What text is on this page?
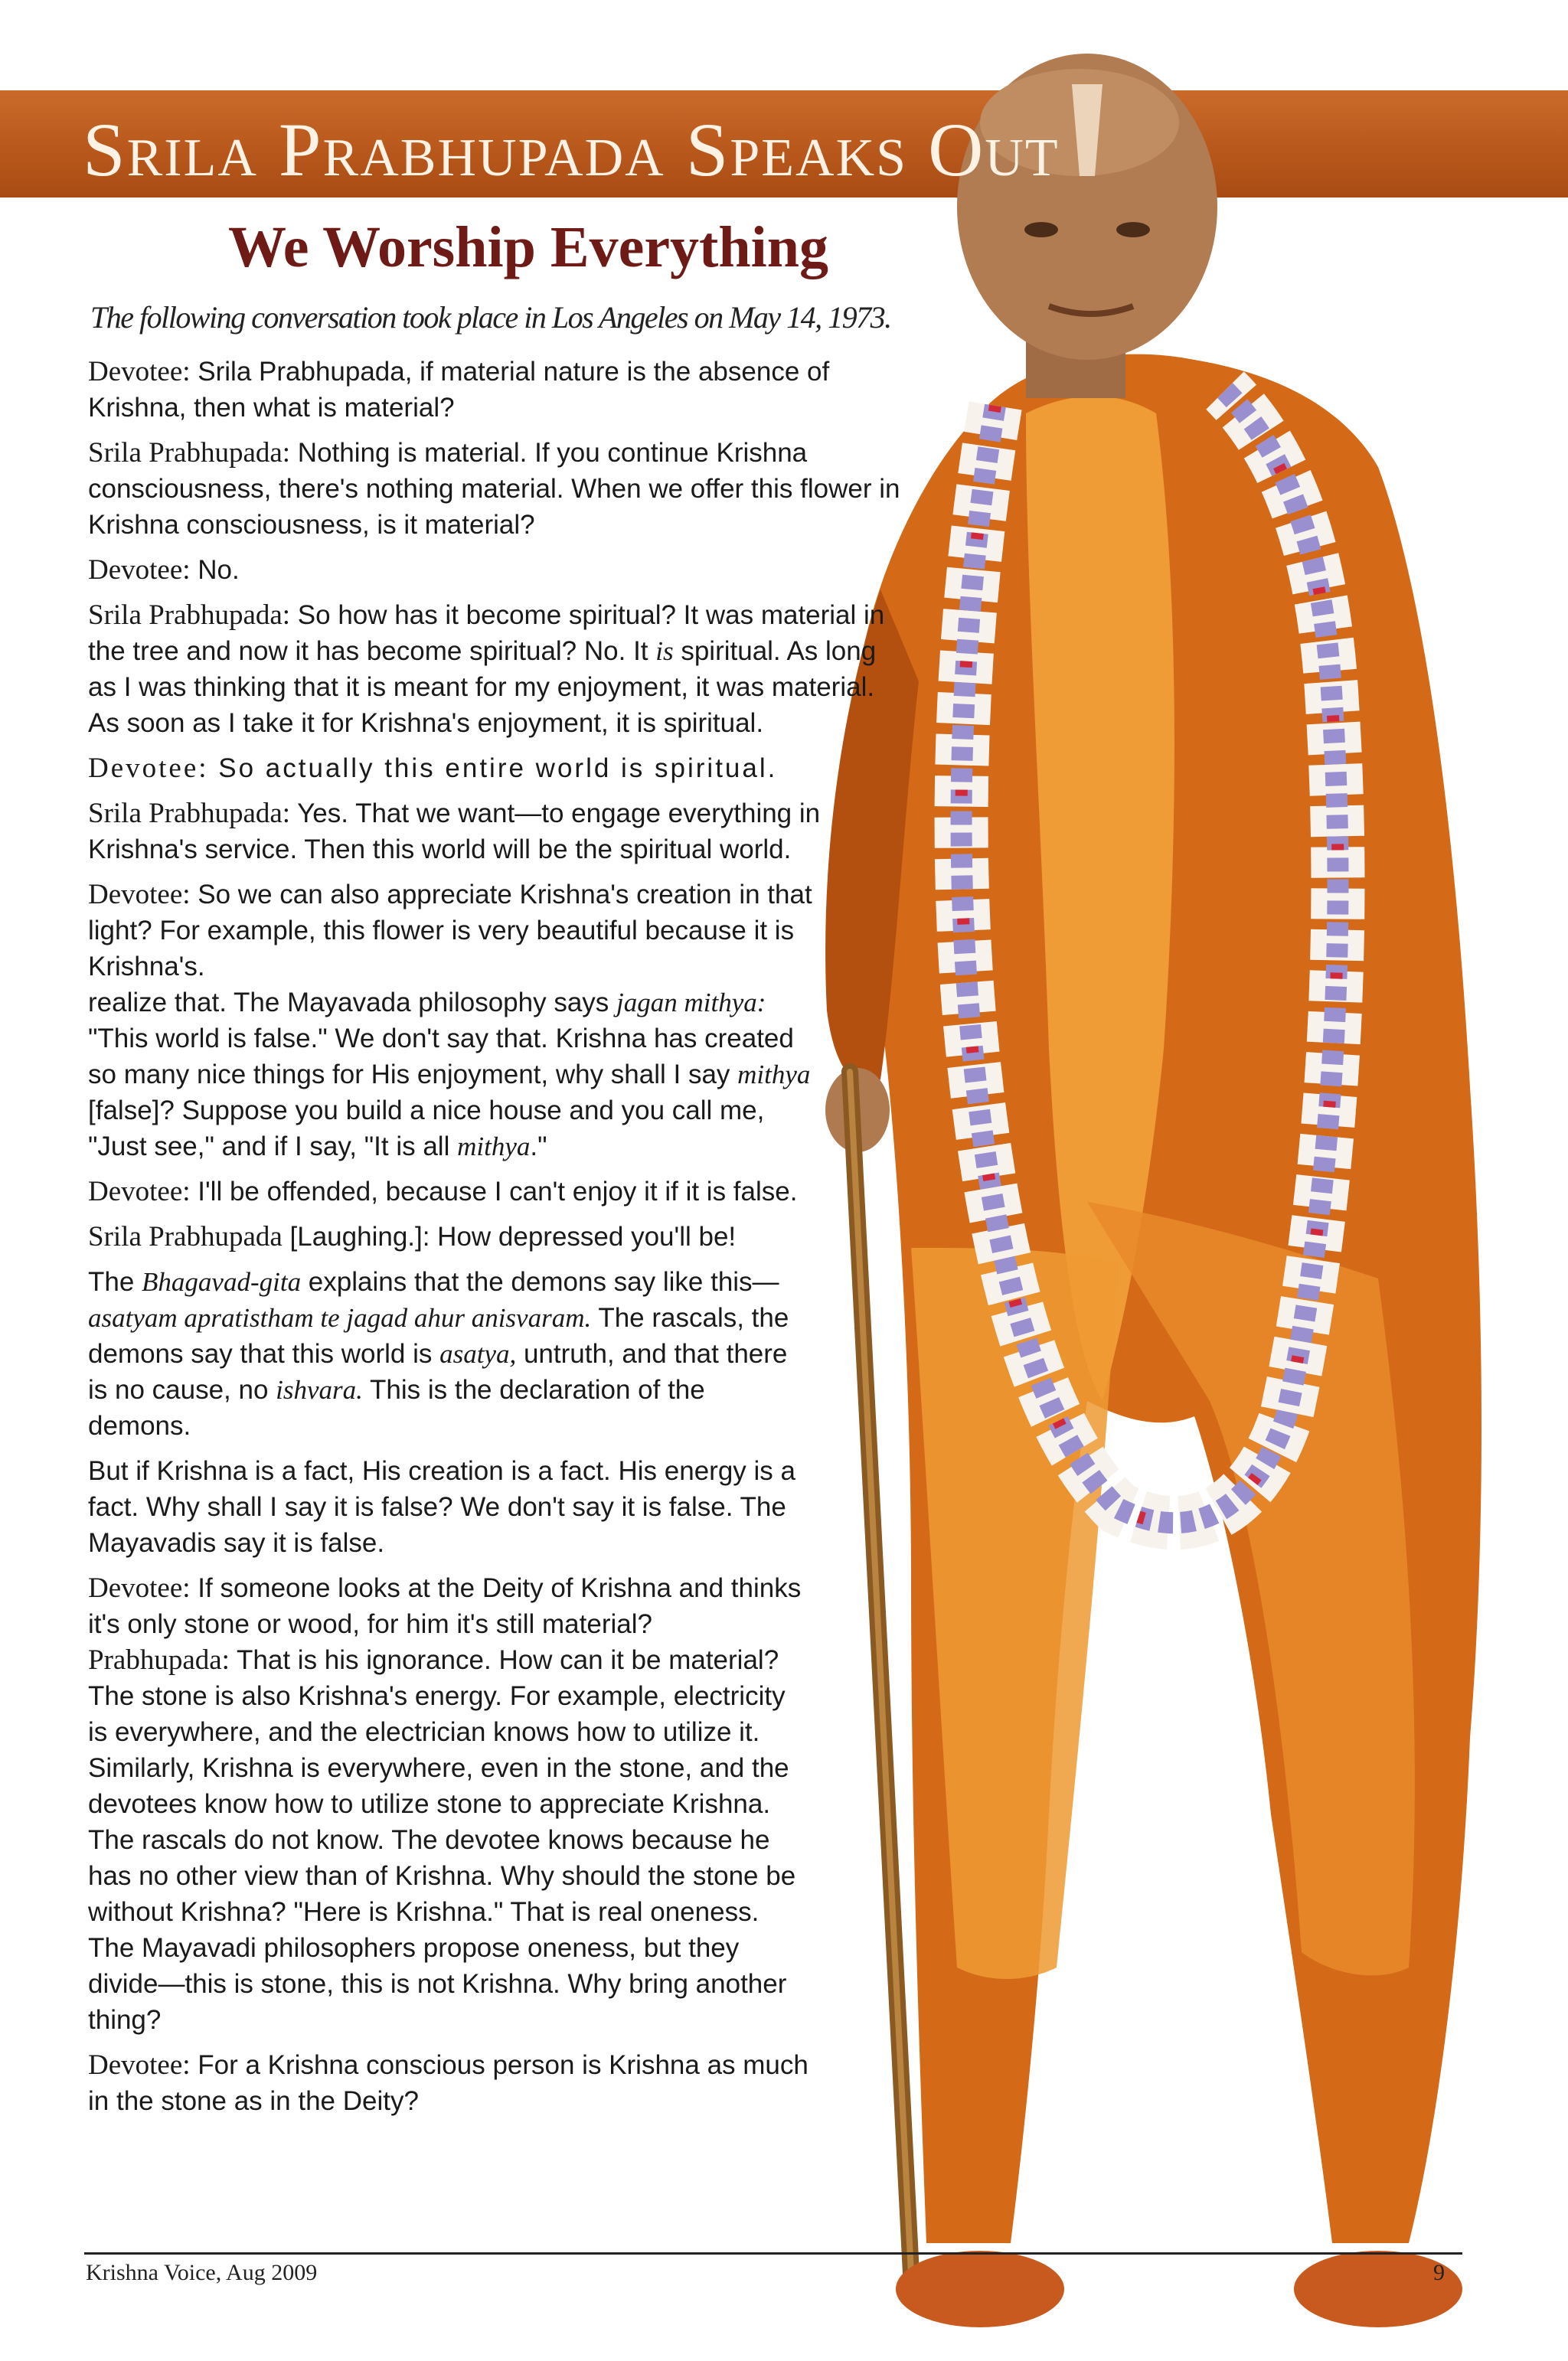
Srila Prabhupada Speaks Out
We Worship Everything
The following conversation took place in Los Angeles on May 14, 1973.

Devotee: Srila Prabhupada, if material nature is the absence of Krishna, then what is material?

Srila Prabhupada: Nothing is material. If you continue Krishna consciousness, there's nothing material. When we offer this flower in Krishna consciousness, is it material?

Devotee: No.

Srila Prabhupada: So how has it become spiritual? It was material in the tree and now it has become spiritual? No. It is spiritual. As long as I was thinking that it is meant for my enjoyment, it was material. As soon as I take it for Krishna's enjoyment, it is spiritual.

Devotee: So actually this entire world is spiritual.

Srila Prabhupada: Yes. That we want—to engage everything in Krishna's service. Then this world will be the spiritual world.

Devotee: So we can also appreciate Krishna's creation in that light? For example, this flower is very beautiful because it is Krishna's.
realize that. The Mayavada philosophy says jagan mithya: "This world is false." We don't say that. Krishna has created so many nice things for His enjoyment, why shall I say mithya [false]? Suppose you build a nice house and you call me, "Just see," and if I say, "It is all mithya."

Devotee: I'll be offended, because I can't enjoy it if it is false.

Srila Prabhupada [Laughing.]: How depressed you'll be!

The Bhagavad-gita explains that the demons say like this—asatyam apratistham te jagad ahur anisvaram. The rascals, the demons say that this world is asatya, untruth, and that there is no cause, no ishvara. This is the declaration of the demons.

But if Krishna is a fact, His creation is a fact. His energy is a fact. Why shall I say it is false? We don't say it is false. The Mayavadis say it is false.

Devotee: If someone looks at the Deity of Krishna and thinks it's only stone or wood, for him it's still material?
Prabhupada: That is his ignorance. How can it be material? The stone is also Krishna's energy. For example, electricity is everywhere, and the electrician knows how to utilize it. Similarly, Krishna is everywhere, even in the stone, and the devotees know how to utilize stone to appreciate Krishna. The rascals do not know. The devotee knows because he has no other view than of Krishna. Why should the stone be without Krishna? "Here is Krishna." That is real oneness. The Mayavadi philosophers propose oneness, but they divide—this is stone, this is not Krishna. Why bring another thing?

Devotee: For a Krishna conscious person is Krishna as much in the stone as in the Deity?

Krishna Voice, Aug 2009	9
